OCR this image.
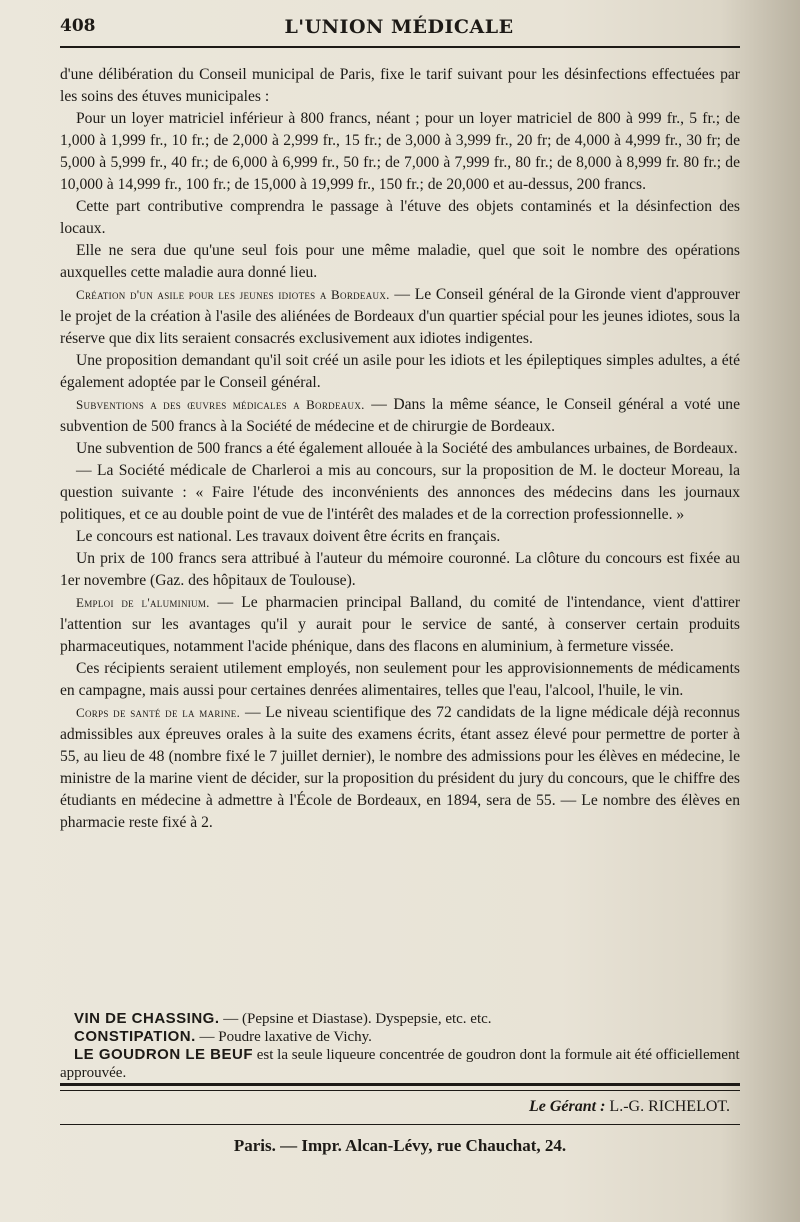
408	L'UNION MÉDICALE

d'une délibération du Conseil municipal de Paris, fixe le tarif suivant pour les désinfections effectuées par les soins des étuves municipales :

Pour un loyer matriciel inférieur à 800 francs, néant ; pour un loyer matriciel de 800 à 999 fr., 5 fr.; de 1,000 à 1,999 fr., 10 fr.; de 2,000 à 2,999 fr., 15 fr.; de 3,000 à 3,999 fr., 20 fr; de 4,000 à 4,999 fr., 30 fr; de 5,000 à 5,999 fr., 40 fr.; de 6,000 à 6,999 fr., 50 fr.; de 7,000 à 7,999 fr., 80 fr.; de 8,000 à 8,999 fr. 80 fr.; de 10,000 à 14,999 fr., 100 fr.; de 15,000 à 19,999 fr., 150 fr.; de 20,000 et au-dessus, 200 francs.

Cette part contributive comprendra le passage à l'étuve des objets contaminés et la désinfection des locaux.

Elle ne sera due qu'une seul fois pour une même maladie, quel que soit le nombre des opérations auxquelles cette maladie aura donné lieu.

Création d'un asile pour les jeunes idiotes a Bordeaux. — Le Conseil général de la Gironde vient d'approuver le projet de la création à l'asile des aliénées de Bordeaux d'un quartier spécial pour les jeunes idiotes, sous la réserve que dix lits seraient consacrés exclusivement aux idiotes indigentes.

Une proposition demandant qu'il soit créé un asile pour les idiots et les épileptiques simples adultes, a été également adoptée par le Conseil général.

Subventions a des œuvres médicales a Bordeaux. — Dans la même séance, le Conseil général a voté une subvention de 500 francs à la Société de médecine et de chirurgie de Bordeaux.

Une subvention de 500 francs a été également allouée à la Société des ambulances urbaines, de Bordeaux.

— La Société médicale de Charleroi a mis au concours, sur la proposition de M. le docteur Moreau, la question suivante : « Faire l'étude des inconvénients des annonces des médecins dans les journaux politiques, et ce au double point de vue de l'intérêt des malades et de la correction professionnelle. »

Le concours est national. Les travaux doivent être écrits en français.

Un prix de 100 francs sera attribué à l'auteur du mémoire couronné. La clôture du concours est fixée au 1er novembre (Gaz. des hôpitaux de Toulouse).

Emploi de l'aluminium. — Le pharmacien principal Balland, du comité de l'intendance, vient d'attirer l'attention sur les avantages qu'il y aurait pour le service de santé, à conserver certain produits pharmaceutiques, notamment l'acide phénique, dans des flacons en aluminium, à fermeture vissée.

Ces récipients seraient utilement employés, non seulement pour les approvisionnements de médicaments en campagne, mais aussi pour certaines denrées alimentaires, telles que l'eau, l'alcool, l'huile, le vin.

Corps de santé de la marine. — Le niveau scientifique des 72 candidats de la ligne médicale déjà reconnus admissibles aux épreuves orales à la suite des examens écrits, étant assez élevé pour permettre de porter à 55, au lieu de 48 (nombre fixé le 7 juillet dernier), le nombre des admissions pour les élèves en médecine, le ministre de la marine vient de décider, sur la proposition du président du jury du concours, que le chiffre des étudiants en médecine à admettre à l'École de Bordeaux, en 1894, sera de 55. — Le nombre des élèves en pharmacie reste fixé à 2.

VIN DE CHASSING. — (Pepsine et Diastase). Dyspepsie, etc. etc.

CONSTIPATION. — Poudre laxative de Vichy.

LE GOUDRON LE BEUF est la seule liqueure concentrée de goudron dont la formule ait été officiellement approuvée.

Le Gérant : L.-G. RICHELOT.
Paris. — Impr. Alcan-Lévy, rue Chauchat, 24.
